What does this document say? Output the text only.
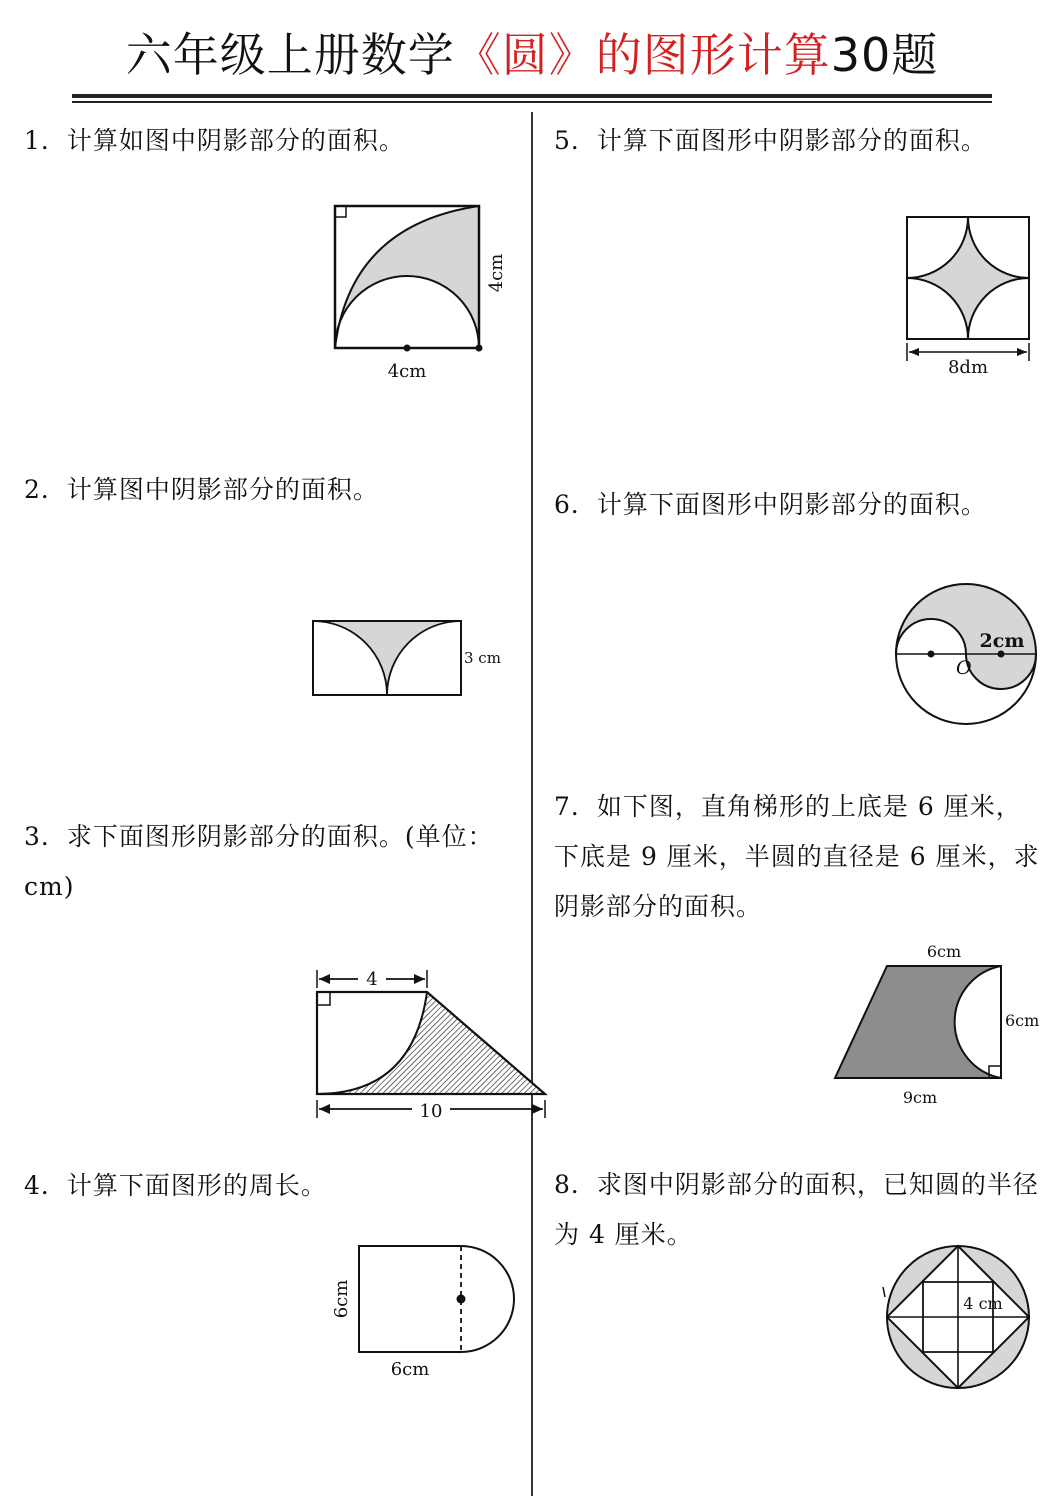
六年级上册数学《圆》的图形计算30题

1．计算如图中阴影部分的面积。

4cm
4cm

2．计算图中阴影部分的面积。

3 cm

3．求下面图形阴影部分的面积。(单位：cm)

4
10

4．计算下面图形的周长。

6cm
6cm

5．计算下面图形中阴影部分的面积。

8dm

6．计算下面图形中阴影部分的面积。

2cm
O

7．如下图，直角梯形的上底是 6 厘米，下底是 9 厘米，半圆的直径是 6 厘米，求阴影部分的面积。

6cm
6cm
9cm

8．求图中阴影部分的面积，已知圆的半径为 4 厘米。

4 cm
